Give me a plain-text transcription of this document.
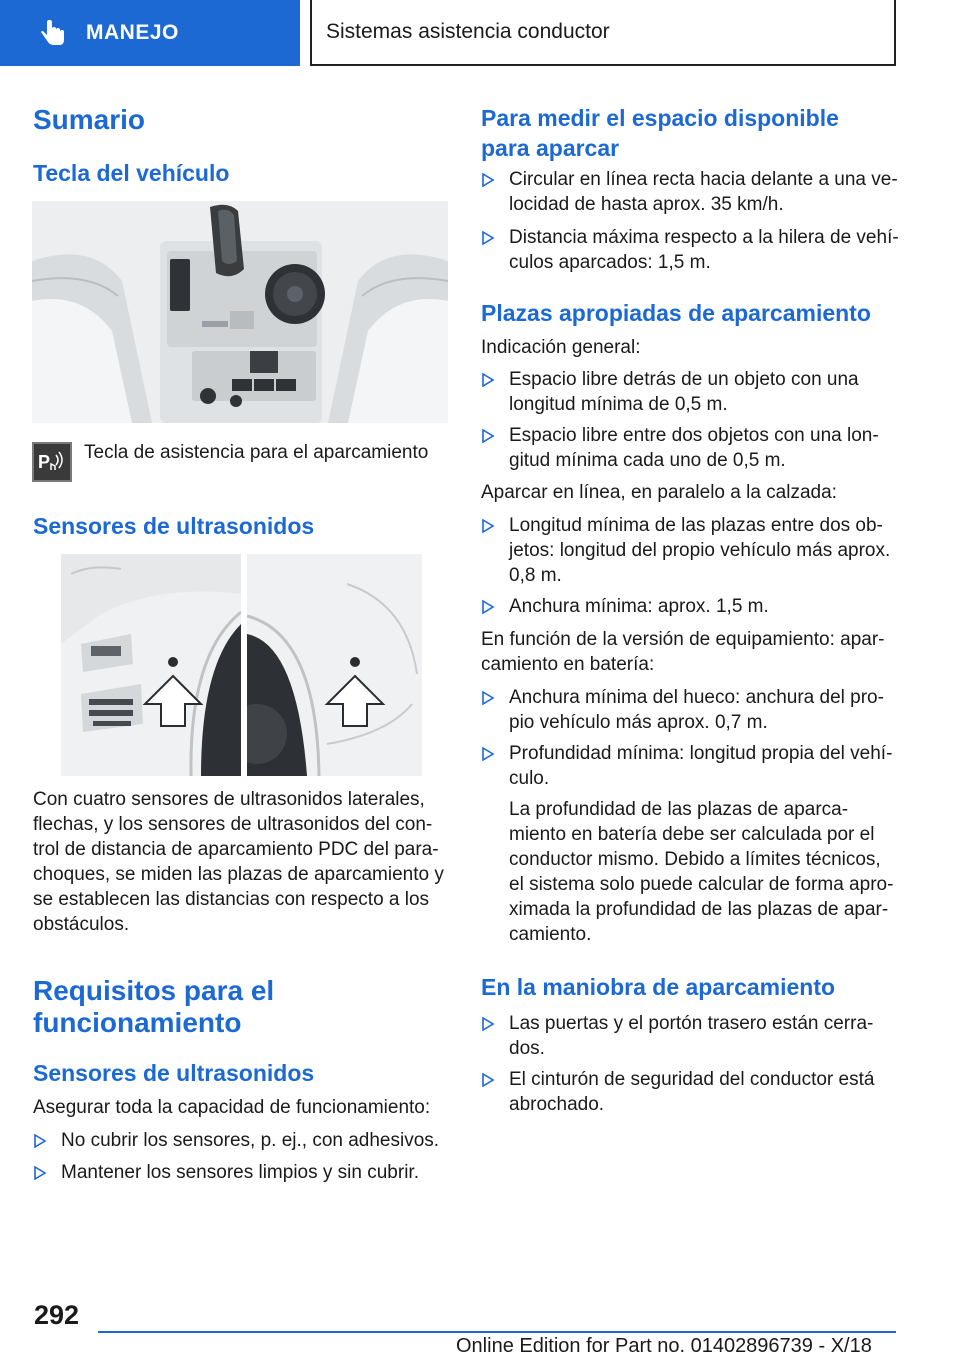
MANEJO	Sistemas asistencia conductor
Sumario
Tecla del vehículo
P Tecla de asistencia para el aparcamiento
Sensores de ultrasonidos
Con cuatro sensores de ultrasonidos laterales,
flechas, y los sensores de ultrasonidos del con‐
trol de distancia de aparcamiento PDC del para‐
choques, se miden las plazas de aparcamiento y
se establecen las distancias con respecto a los
obstáculos.
Requisitos para el
funcionamiento
Sensores de ultrasonidos
Asegurar toda la capacidad de funcionamiento:
No cubrir los sensores, p. ej., con adhesivos.
Mantener los sensores limpios y sin cubrir.
Para medir el espacio disponible
para aparcar
Circular en línea recta hacia delante a una ve‐
locidad de hasta aprox. 35 km/h.
Distancia máxima respecto a la hilera de vehí‐
culos aparcados: 1,5 m.
Plazas apropiadas de aparcamiento
Indicación general:
Espacio libre detrás de un objeto con una
longitud mínima de 0,5 m.
Espacio libre entre dos objetos con una lon‐
gitud mínima cada uno de 0,5 m.
Aparcar en línea, en paralelo a la calzada:
Longitud mínima de las plazas entre dos ob‐
jetos: longitud del propio vehículo más aprox.
0,8 m.
Anchura mínima: aprox. 1,5 m.
En función de la versión de equipamiento: apar‐
camiento en batería:
Anchura mínima del hueco: anchura del pro‐
pio vehículo más aprox. 0,7 m.
Profundidad mínima: longitud propia del vehí‐
culo.
La profundidad de las plazas de aparca‐
miento en batería debe ser calculada por el
conductor mismo. Debido a límites técnicos,
el sistema solo puede calcular de forma apro‐
ximada la profundidad de las plazas de apar‐
camiento.
En la maniobra de aparcamiento
Las puertas y el portón trasero están cerra‐
dos.
El cinturón de seguridad del conductor está
abrochado.
292
Online Edition for Part no. 01402896739 - X/18
